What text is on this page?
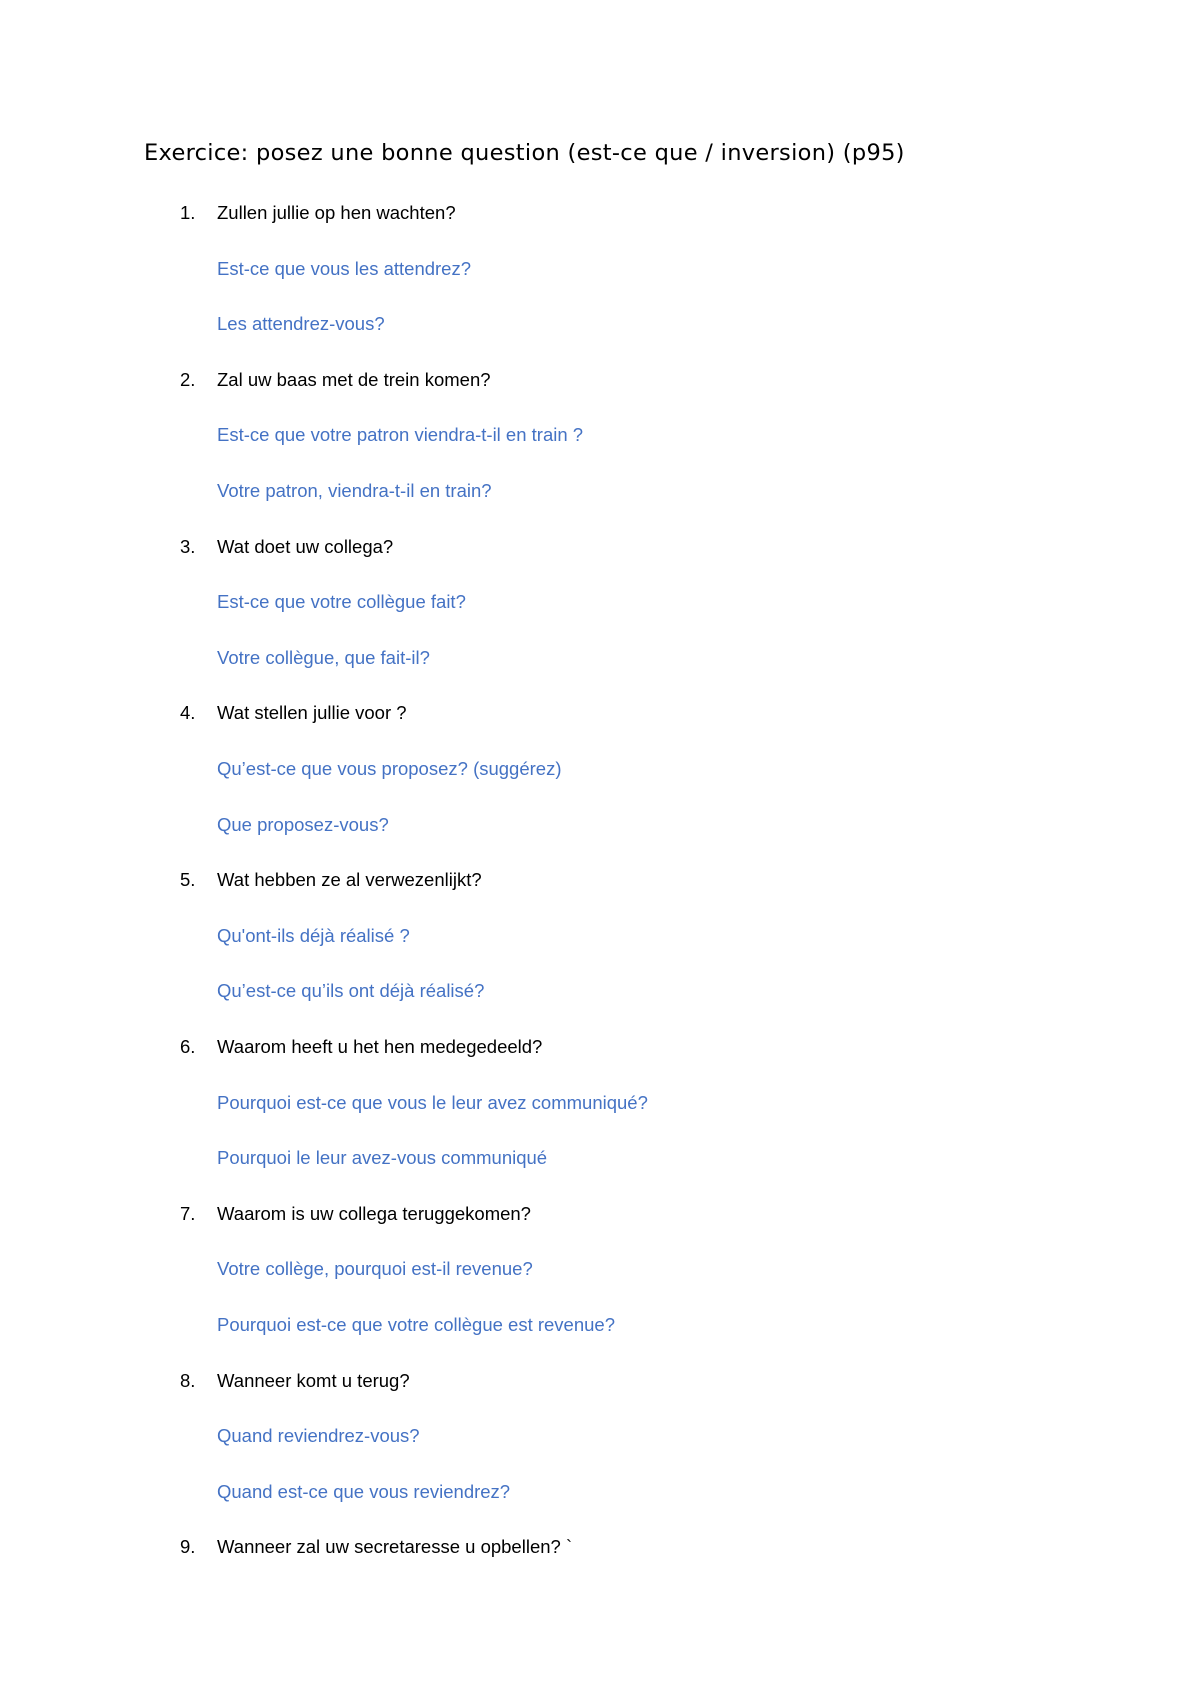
Exercice: posez une bonne question (est-ce que / inversion) (p95)
1.	Zullen jullie op hen wachten?
Est-ce que vous les attendrez?
Les attendrez-vous?
2.	Zal uw baas met de trein komen?
Est-ce que votre patron viendra-t-il en train ?
Votre patron, viendra-t-il en train?
3.	Wat doet uw collega?
Est-ce que votre collègue fait?
Votre collègue, que fait-il?
4.	Wat stellen jullie voor ?
Qu’est-ce que vous proposez? (suggérez)
Que proposez-vous?
5.	Wat hebben ze al verwezenlijkt?
Qu'ont-ils déjà réalisé ?
Qu’est-ce qu’ils ont déjà réalisé?
6.	Waarom heeft u het hen medegedeeld?
Pourquoi est-ce que vous le leur avez communiqué?
Pourquoi le leur avez-vous communiqué
7.	Waarom is uw collega teruggekomen?
Votre collège, pourquoi est-il revenue?
Pourquoi est-ce que votre collègue est revenue?
8.	Wanneer komt u terug?
Quand reviendrez-vous?
Quand est-ce que vous reviendrez?
9.	Wanneer zal uw secretaresse u opbellen? `
